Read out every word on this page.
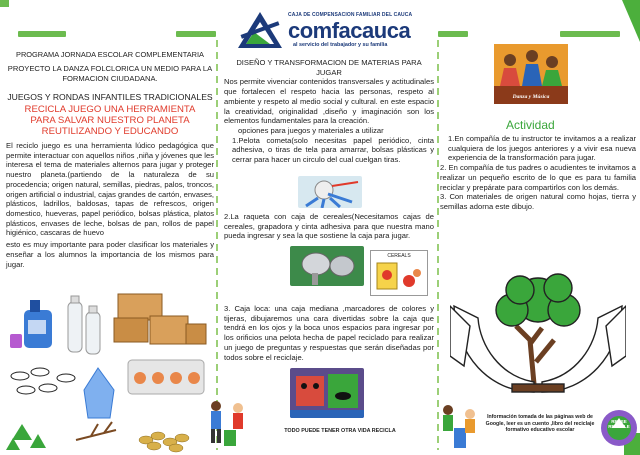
CAJA DE COMPENSACION FAMILIAR DEL CAUCA
comfacauca
al servicio del trabajador y su familia
PROGRAMA JORNADA ESCOLAR COMPLEMENTARIA
PROYECTO LA DANZA FOLCLORICA UN MEDIO PARA LA FORMACION CIUDADANA.
JUEGOS Y RONDAS INFANTILES TRADICIONALES
RECICLA JUEGO UNA HERRAMIENTA PARA SALVAR NUESTRO PLANETA REUTILIZANDO Y EDUCANDO
El reciclo juego es una herramienta lúdico pedagógica que permite interactuar con aquellos niños ,niña y jóvenes que les interesa el tema de materiales alternos para jugar y proteger nuestro planeta.(partiendo de la naturaleza de su procedencia; origen natural, semillas, piedras, palos, troncos, origen artificial o industrial, cajas grandes de cartón, envases, plásticos, ladrillos, baldosas, tapas de refrescos, origen domestico, hueveras, papel periódico, bolsas plástica, platos plásticos, envases de leche, bolsas de pan, rollos de papel higiénico, cascaras de huevo
esto es muy importante para poder clasificar los materiales y enseñar a los alumnos la importancia de los mismos para jugar.
DISEÑO Y TRANSFORMACION DE MATERIAS PARA JUGAR
Nos permite vivenciar contenidos transversales y actitudinales que fortalecen el respeto hacia las personas, respeto al ambiente y respeto al medio social y cultural. en este espacio la creatividad, originalidad ,diseño y imaginación son los elementos fundamentales para la creación.
opciones para juegos y materiales a utilizar
1.Pelota cometa(solo necesitas papel periódico, cinta adhesiva, o tiras de tela para amarrar, bolsas plásticas y cerrar para hacer un circulo del cual cuelgan tiras.
2.La raqueta con caja de cereales(Necesitamos cajas de cereales, grapadora y cinta adhesiva para que nuestra mano pueda ingresar y sea la que sostiene la caja para jugar.
CEREALS
3. Caja loca: una caja mediana ,marcadores de colores y tijeras, dibujaremos una cara divertidas sobre la caja que tendrá en los ojos y la boca unos espacios para ingresar por los orificios una pelota hecha de papel reciclado para realizar un juego de preguntas y respuestas que serán diseñadas por todos sobre el reciclaje.
TODO PUEDE TENER OTRA VIDA RECICLA
Danza y Música
Actividad
1.En compañía de tu instructor te invitamos a a realizar cualquiera de los juegos anteriores y a vivir esa nueva experiencia de la transformación para jugar.
2. En compañía de tus padres o acudientes te invitamos a realizar un pequeño escrito de lo que es para tu familia reciclar y prepárate para compartirlos con los demás.
3. Con materiales de origen natural como hojas, tierra y semillas adorna este dibujo.
Información tomada de las páginas web de Google, leer es un cuento ,libro del reciclaje formativo educativo escolar
REUSE RECYCLE
